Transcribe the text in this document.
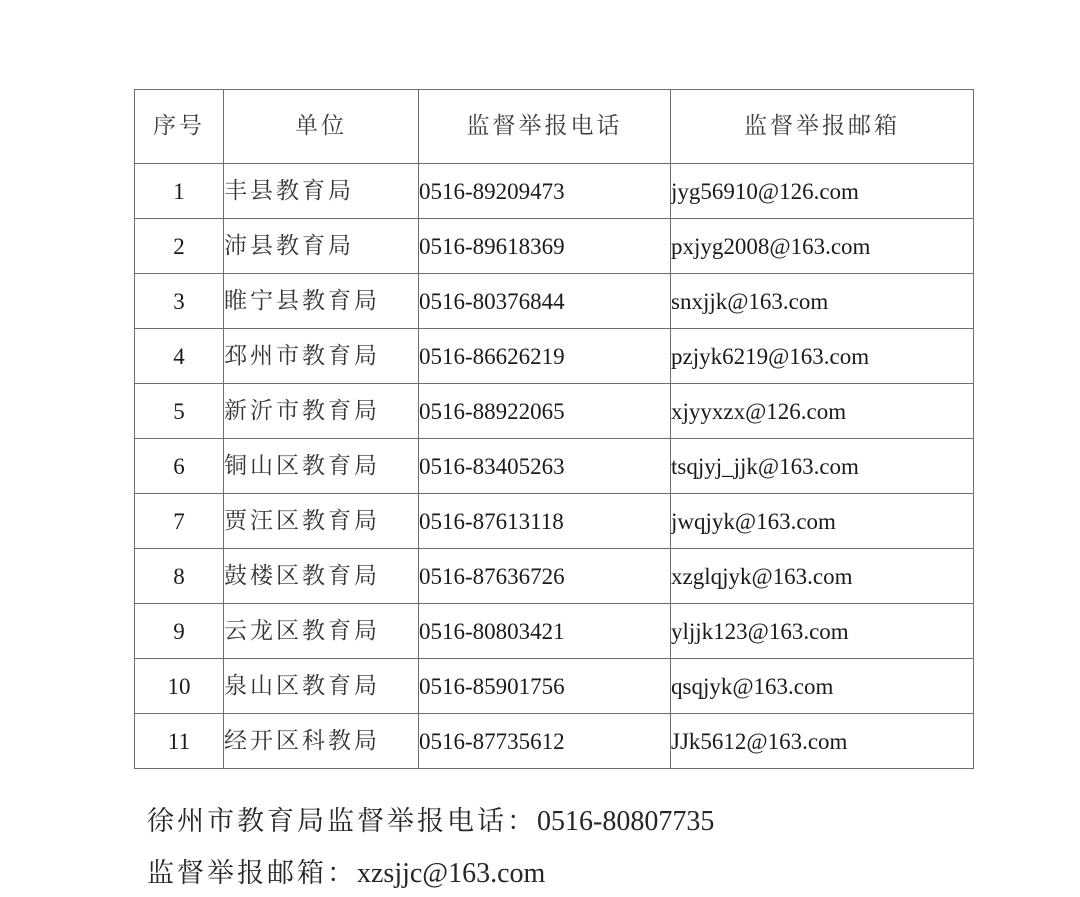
序号	单位	监督举报电话	监督举报邮箱
1	丰县教育局	0516-89209473	jyg56910@126.com
2	沛县教育局	0516-89618369	pxjyg2008@163.com
3	睢宁县教育局	0516-80376844	snxjjk@163.com
4	邳州市教育局	0516-86626219	pzjyk6219@163.com
5	新沂市教育局	0516-88922065	xjyyxzx@126.com
6	铜山区教育局	0516-83405263	tsqjyj_jjk@163.com
7	贾汪区教育局	0516-87613118	jwqjyk@163.com
8	鼓楼区教育局	0516-87636726	xzglqjyk@163.com
9	云龙区教育局	0516-80803421	yljjk123@163.com
10	泉山区教育局	0516-85901756	qsqjyk@163.com
11	经开区科教局	0516-87735612	JJk5612@163.com
徐州市教育局监督举报电话：0516-80807735
监督举报邮箱：xzsjjc@163.com
